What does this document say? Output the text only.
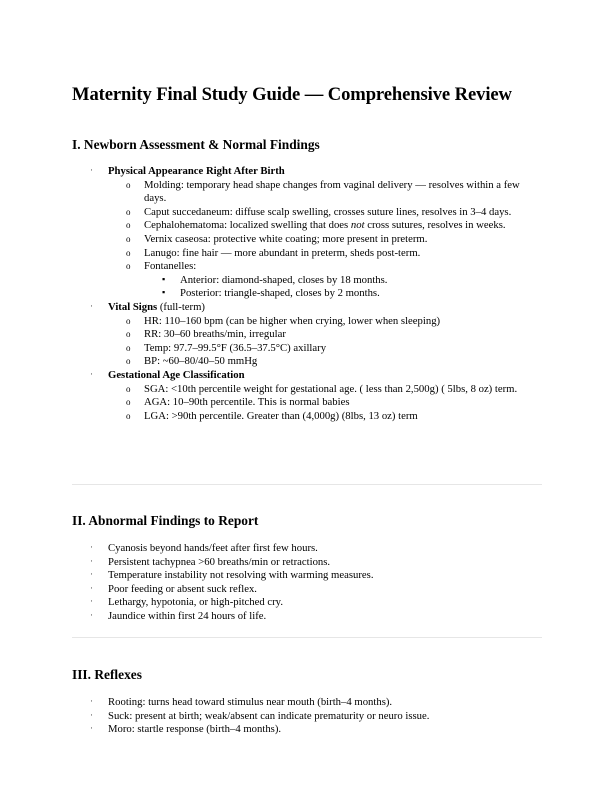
Maternity Final Study Guide — Comprehensive Review
I. Newborn Assessment & Normal Findings
· Physical Appearance Right After Birth
o Molding: temporary head shape changes from vaginal delivery — resolves within a few days.
o Caput succedaneum: diffuse scalp swelling, crosses suture lines, resolves in 3–4 days.
o Cephalohematoma: localized swelling that does not cross sutures, resolves in weeks.
o Vernix caseosa: protective white coating; more present in preterm.
o Lanugo: fine hair — more abundant in preterm, sheds post-term.
o Fontanelles:
▪ Anterior: diamond-shaped, closes by 18 months.
▪ Posterior: triangle-shaped, closes by 2 months.
· Vital Signs (full-term)
o HR: 110–160 bpm (can be higher when crying, lower when sleeping)
o RR: 30–60 breaths/min, irregular
o Temp: 97.7–99.5°F (36.5–37.5°C) axillary
o BP: ~60–80/40–50 mmHg
· Gestational Age Classification
o SGA: <10th percentile weight for gestational age. ( less than 2,500g) ( 5lbs, 8 oz) term.
o AGA: 10–90th percentile. This is normal babies
o LGA: >90th percentile. Greater than (4,000g) (8lbs, 13 oz) term
II. Abnormal Findings to Report
· Cyanosis beyond hands/feet after first few hours.
· Persistent tachypnea >60 breaths/min or retractions.
· Temperature instability not resolving with warming measures.
· Poor feeding or absent suck reflex.
· Lethargy, hypotonia, or high-pitched cry.
· Jaundice within first 24 hours of life.
III. Reflexes
· Rooting: turns head toward stimulus near mouth (birth–4 months).
· Suck: present at birth; weak/absent can indicate prematurity or neuro issue.
· Moro: startle response (birth–4 months).
